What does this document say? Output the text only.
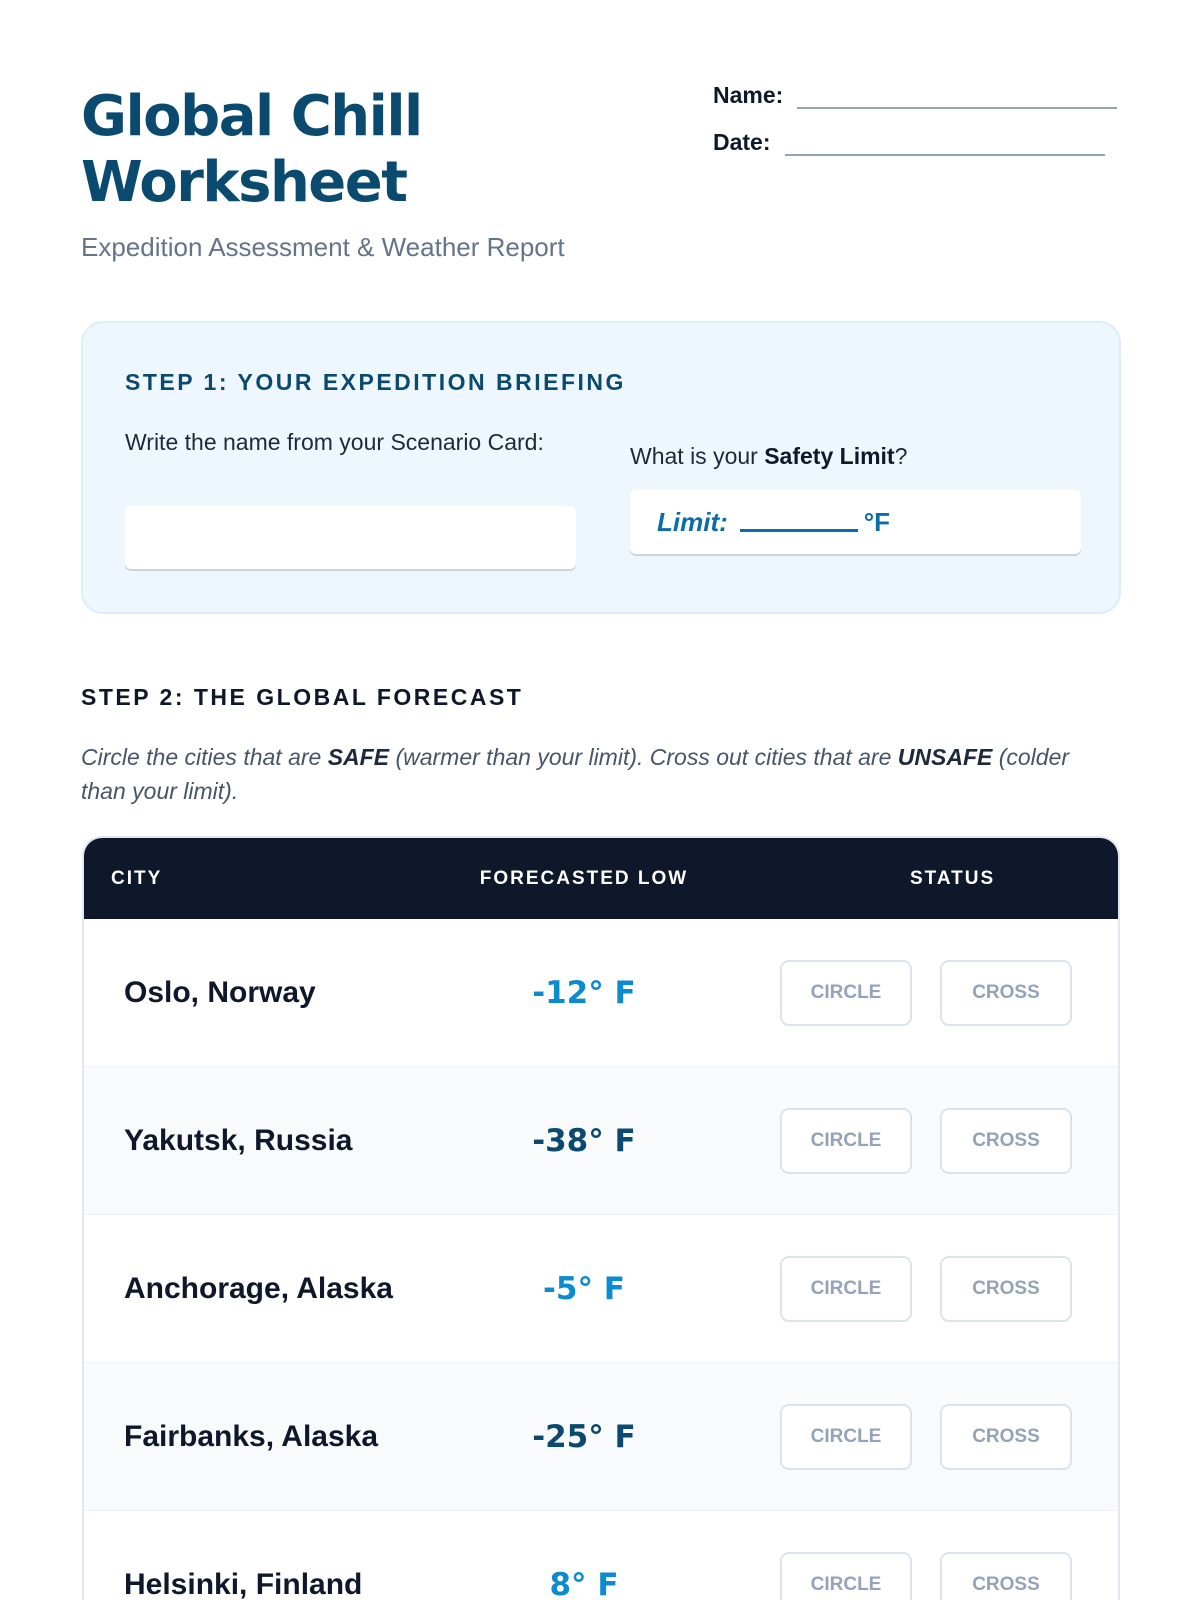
Global Chill
Worksheet
Expedition Assessment & Weather Report
Name:
Date:
STEP 1: YOUR EXPEDITION BRIEFING
Write the name from your Scenario Card:
What is your Safety Limit?
Limit:	°F
STEP 2: THE GLOBAL FORECAST
Circle the cities that are SAFE (warmer than your limit). Cross out cities that are UNSAFE (colder than your limit).
CITY	FORECASTED LOW	STATUS
Oslo, Norway	-12° F	CIRCLE	CROSS
Yakutsk, Russia	-38° F	CIRCLE	CROSS
Anchorage, Alaska	-5° F	CIRCLE	CROSS
Fairbanks, Alaska	-25° F	CIRCLE	CROSS
Helsinki, Finland	8° F	CIRCLE	CROSS
